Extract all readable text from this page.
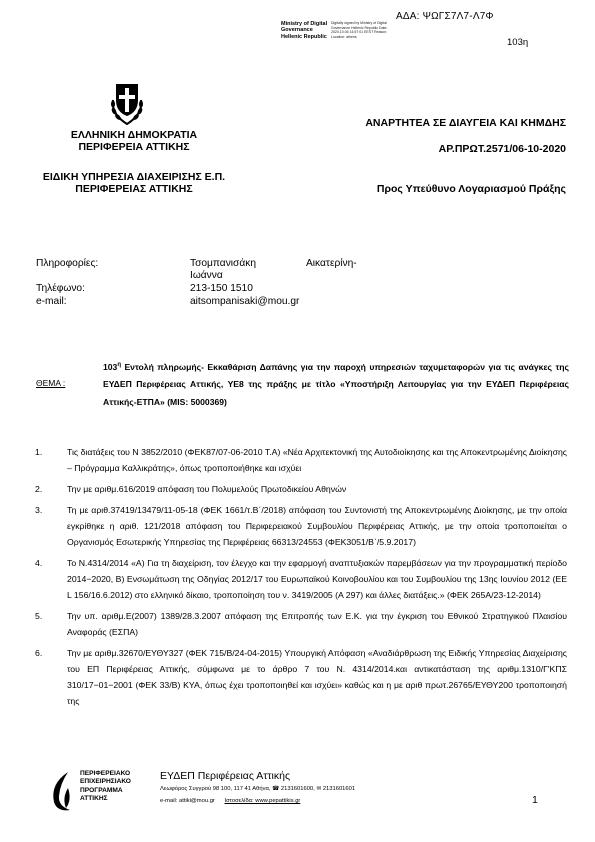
ΑΔΑ: ΨΩΓΣ7Λ7-Λ7Φ
Ministry of Digital
Governance
Hellenic Republic
Digitally signed by Ministry of Digital Governance Hellenic Republic Date: 2020.10.06 14:57:01 EEST Reason: Location: athens
103η
ΕΛΛΗΝΙΚΗ ΔΗΜΟΚΡΑΤΙΑ
ΠΕΡΙΦΕΡΕΙΑ ΑΤΤΙΚΗΣ
ΕΙΔΙΚΗ ΥΠΗΡΕΣΙΑ ΔΙΑΧΕΙΡΙΣΗΣ Ε.Π.
ΠΕΡΙΦΕΡΕΙΑΣ ΑΤΤΙΚΗΣ
ΑΝΑΡΤΗΤΕΑ ΣΕ ΔΙΑΥΓΕΙΑ ΚΑΙ ΚΗΜΔΗΣ
ΑΡ.ΠΡΩΤ.2571/06-10-2020
Προς Υπεύθυνο Λογαριασμού Πράξης
Πληροφορίες:	Τσομπανισάκη	Αικατερίνη-
Ιωάννα
Τηλέφωνο:	213-150 1510
e-mail:	aitsompanisaki@mou.gr
ΘΕΜΑ :
$103^\eta$ Εντολή πληρωμής- Εκκαθάριση Δαπάνης για την παροχή υπηρεσιών ταχυμεταφορών για τις ανάγκες της ΕΥΔΕΠ Περιφέρειας Αττικής, ΥΕ8 της πράξης με τίτλο «Υποστήριξη Λειτουργίας για την ΕΥΔΕΠ Περιφέρειας Αττικής-ΕΤΠΑ» (MIS: 5000369)
1.	Τις διατάξεις του Ν 3852/2010 (ΦΕΚ87/07-06-2010 Τ.Α) «Νέα Αρχιτεκτονική της Αυτοδιοίκησης και της Αποκεντρωμένης Διοίκησης – Πρόγραμμα Καλλικράτης», όπως τροποποιήθηκε και ισχύει
2.	Την με αριθμ.616/2019 απόφαση του Πολυμελούς Πρωτοδικείου Αθηνών
3.	Τη με αριθ.37419/13479/11-05-18 (ΦΕΚ 1661/τ.Β΄/2018) απόφαση του Συντονιστή της Αποκεντρωμένης Διοίκησης, με την οποία εγκρίθηκε η αριθ. 121/2018 απόφαση του Περιφερειακού Συμβουλίου Περιφέρειας Αττικής, με την οποία τροποποιείται ο Οργανισμός Εσωτερικής Υπηρεσίας της Περιφέρειας 66313/24553 (ΦΕΚ3051/Β΄/5.9.2017)
4.	Το Ν.4314/2014 «Α) Για τη διαχείριση, τον έλεγχο και την εφαρμογή αναπτυξιακών παρεμβάσεων για την προγραμματική περίοδο 2014−2020, Β) Ενσωμάτωση της Οδηγίας 2012/17 του Ευρωπαϊκού Κοινοβουλίου και του Συμβουλίου της 13ης Ιουνίου 2012 (ΕΕ L 156/16.6.2012) στο ελληνικό δίκαιο, τροποποίηση του ν. 3419/2005 (Α 297) και άλλες διατάξεις.» (ΦΕΚ 265Α/23-12-2014)
5.	Την υπ. αριθμ.Ε(2007) 1389/28.3.2007 απόφαση της Επιτροπής των Ε.Κ. για την έγκριση του Εθνικού Στρατηγικού Πλαισίου Αναφοράς (ΕΣΠΑ)
6.	Την με αριθμ.32670/ΕΥΘΥ327 (ΦΕΚ 715/Β/24-04-2015) Υπουργική Απόφαση «Αναδιάρθρωση της Ειδικής Υπηρεσίας Διαχείρισης του ΕΠ Περιφέρειας Αττικής, σύμφωνα με το άρθρο 7 του Ν. 4314/2014.και αντικατάσταση της αριθμ.1310/Γ'ΚΠΣ 310/17−01−2001 (ΦΕΚ 33/Β) ΚΥΑ, όπως έχει τροποποιηθεί και ισχύει» καθώς και η με αριθ πρωτ.26765/ΕΥΘΥ200 τροποποιησή της
ΠΕΡΙΦΕΡΕΙΑΚΟ
ΕΠΙΧΕΙΡΗΣΙΑΚΟ
ΠΡΟΓΡΑΜΜΑ
ΑΤΤΙΚΗΣ
ΕΥΔΕΠ Περιφέρειας Αττικής
Λεωφόρος Συγγρού 98 100, 117 41 Αθήνα, ☎ 2131601600, ✉ 2131601601
e-mail: attiki@mou.gr Ιστοσελίδα: www.pepattikis.gr	1
